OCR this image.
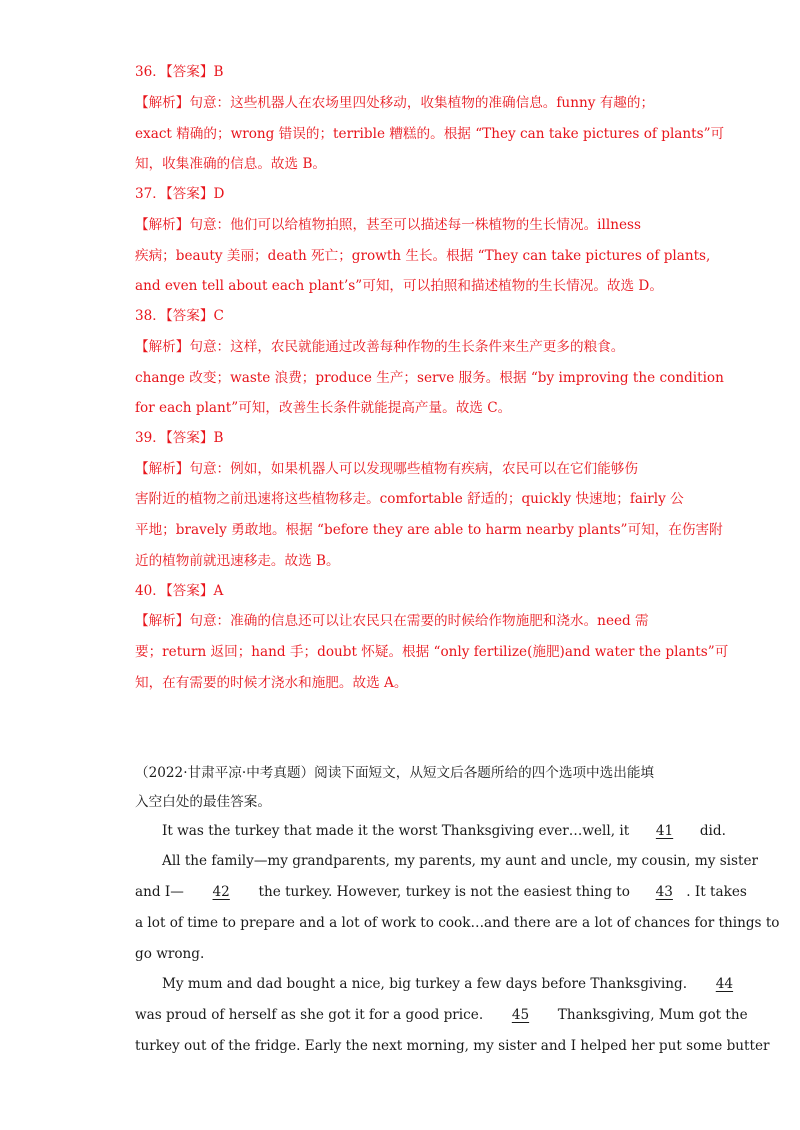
36．【答案】B
【解析】句意：这些机器人在农场里四处移动，收集植物的准确信息。funny 有趣的；
exact 精确的；wrong 错误的；terrible 糟糕的。根据 “They can take pictures of plants”可
知，收集准确的信息。故选 B。
37．【答案】D
【解析】句意：他们可以给植物拍照，甚至可以描述每一株植物的生长情况。illness
疾病；beauty 美丽；death 死亡；growth 生长。根据 “They can take pictures of plants,
and even tell about each plant’s”可知，可以拍照和描述植物的生长情况。故选 D。
38．【答案】C
【解析】句意：这样，农民就能通过改善每种作物的生长条件来生产更多的粮食。
change 改变；waste 浪费；produce 生产；serve 服务。根据 “by improving the condition
for each plant”可知，改善生长条件就能提高产量。故选 C。
39．【答案】B
【解析】句意：例如，如果机器人可以发现哪些植物有疾病，农民可以在它们能够伤
害附近的植物之前迅速将这些植物移走。comfortable 舒适的；quickly 快速地；fairly 公
平地；bravely 勇敢地。根据 “before they are able to harm nearby plants”可知，在伤害附
近的植物前就迅速移走。故选 B。
40．【答案】A
【解析】句意：准确的信息还可以让农民只在需要的时候给作物施肥和浇水。need 需
要；return 返回；hand 手；doubt 怀疑。根据 “only fertilize(施肥)and water the plants”可
知，在有需要的时候才浇水和施肥。故选 A。
（2022·甘肃平凉·中考真题）阅读下面短文，从短文后各题所给的四个选项中选出能填
入空白处的最佳答案。
It was the turkey that made it the worst Thanksgiving ever…well, it 41 did.
All the family—my grandparents, my parents, my aunt and uncle, my cousin, my sister
and I— 42 the turkey. However, turkey is not the easiest thing to 43 . It takes
a lot of time to prepare and a lot of work to cook…and there are a lot of chances for things to
go wrong.
My mum and dad bought a nice, big turkey a few days before Thanksgiving. 44
was proud of herself as she got it for a good price. 45 Thanksgiving, Mum got the
turkey out of the fridge. Early the next morning, my sister and I helped her put some butter
